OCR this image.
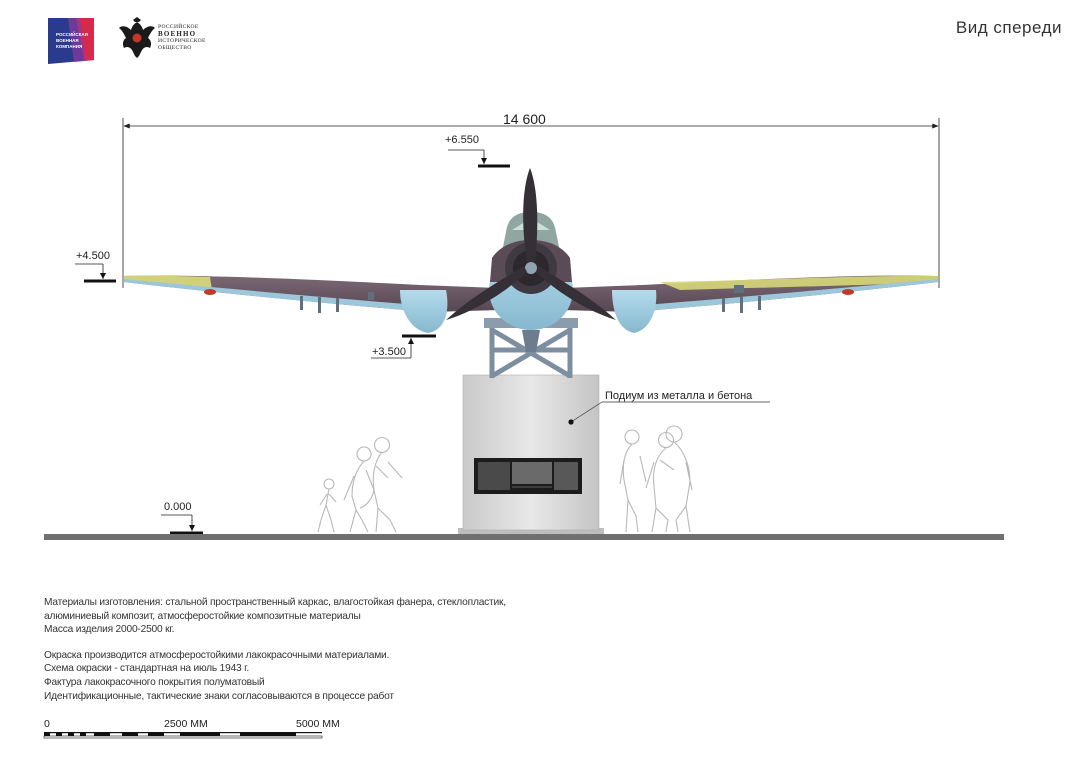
Вид спереди
РОССИЙСКАЯ
ВОЕННАЯ
КОМПАНИЯ
РОССИЙСКОЕ
ВОЕННО
ИСТОРИЧЕСКОЕ
ОБЩЕСТВО
14 600
+6.550
+4.500
+3.500
0.000
Подиум из металла и бетона

Материалы изготовления: стальной пространственный каркас, влагостойкая фанера, стеклопластик,
алюминиевый композит, атмосферостойкие композитные материалы
Масса изделия 2000-2500 кг.

Окраска производится атмосферостойкими лакокрасочными материалами.
Схема окраски - стандартная на июль 1943 г.
Фактура лакокрасочного покрытия полуматовый
Идентификационные, тактические знаки согласовываются в процессе работ

0	2500 ММ	5000 ММ
